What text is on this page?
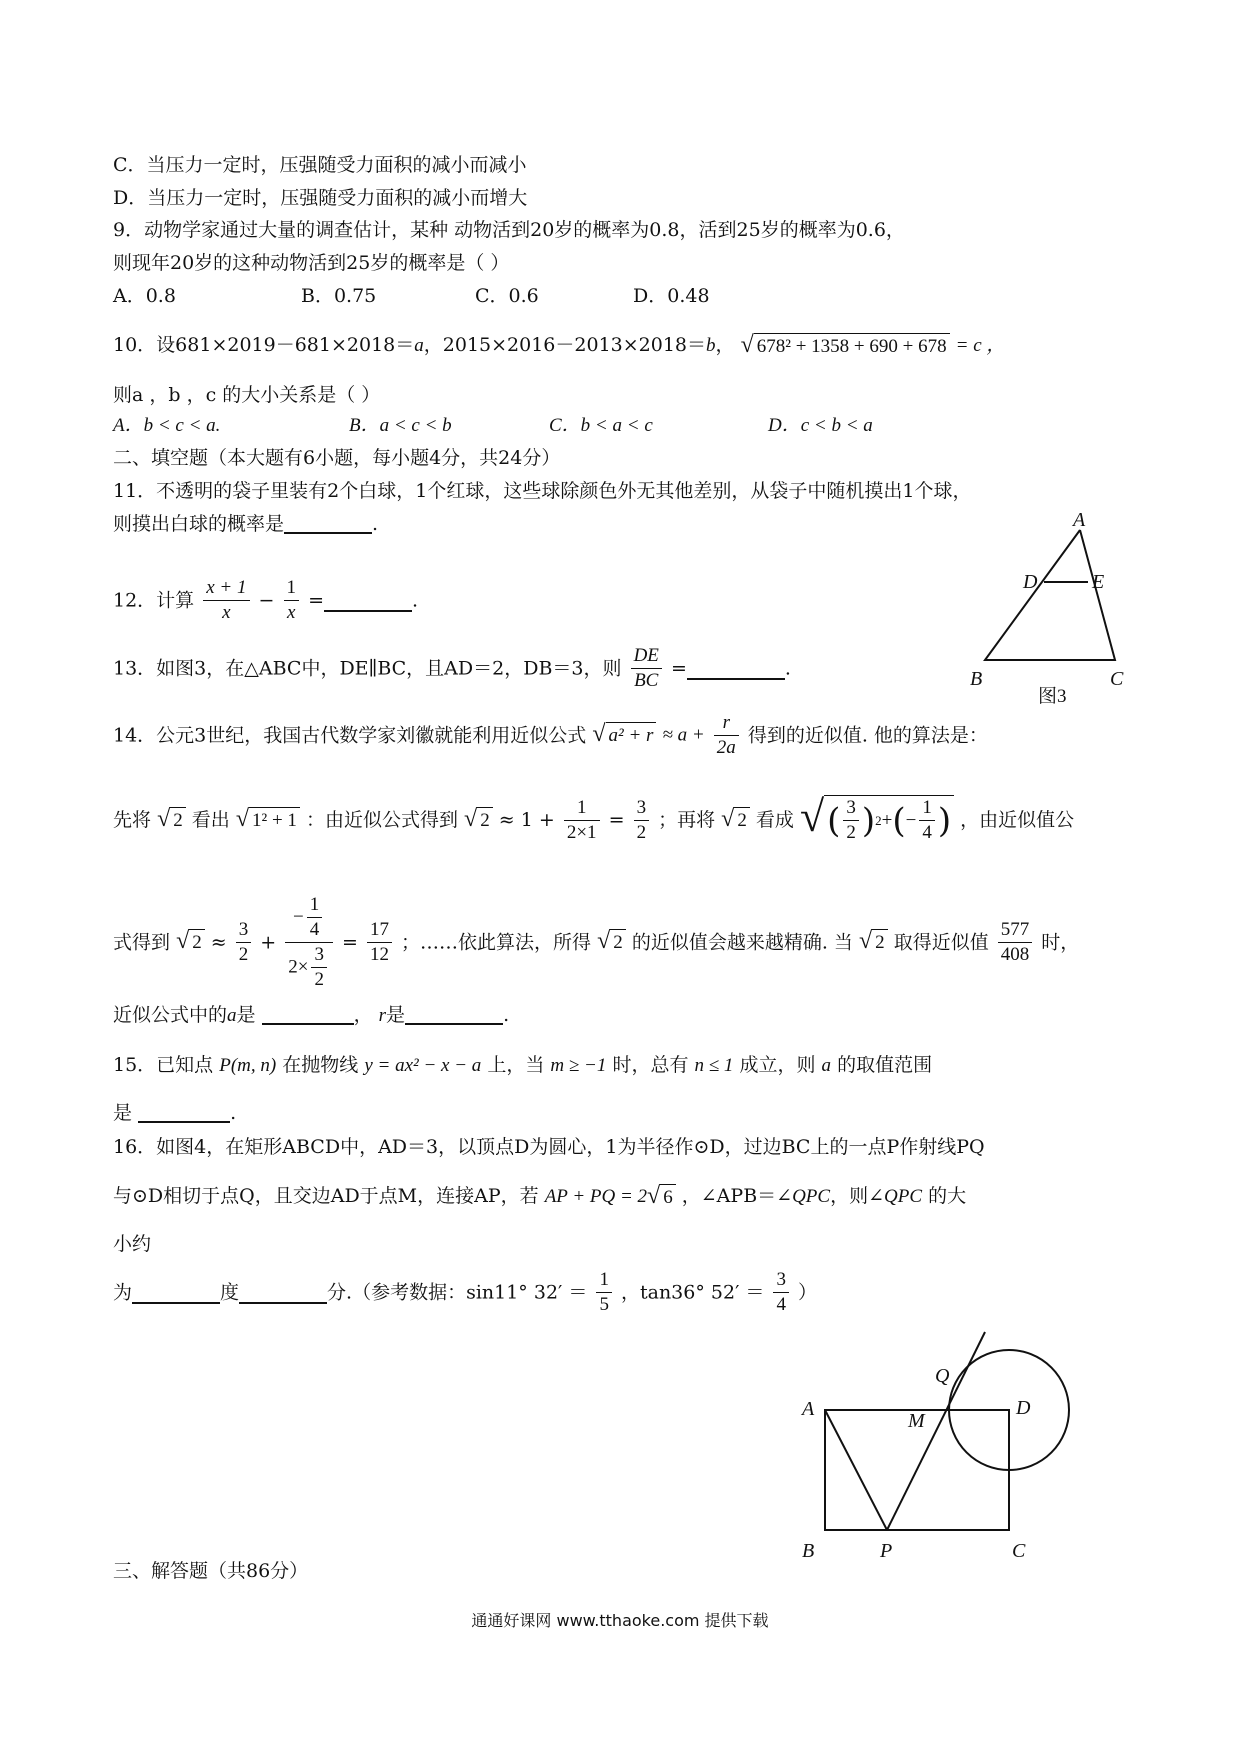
C．当压力一定时，压强随受力面积的减小而减小
D．当压力一定时，压强随受力面积的减小而增大
9．动物学家通过大量的调查估计，某种 动物活到20岁的概率为0.8，活到25岁的概率为0.6，
则现年20岁的这种动物活到25岁的概率是（ ）
A．0.8	B．0.75	C．0.6	D．0.48
10．设681×2019－681×2018＝a，2015×2016－2013×2018＝b， √ 678² + 1358 + 690 + 678 = c ，
则a ，b ，c 的大小关系是（ ）
A．b < c < a.	B．a < c < b	C．b < a < c	D．c < b < a
二、填空题（本大题有6小题，每小题4分，共24分）
11．不透明的袋子里装有2个白球，1个红球，这些球除颜色外无其他差别，从袋子中随机摸出1个球，
则摸出白球的概率是	.
12．计算 $\frac{x + 1}{x} - \frac{1}{x}$ =	.
13．如图3，在△ABC中，DE∥BC，且AD＝2，DB＝3，则 $\frac{DE}{BC}$ =	.
14．公元3世纪，我国古代数学家刘徽就能利用近似公式 √ $a^2 + r \approx a + \frac{r}{2a}$ 得到的近似值. 他的算法是：
先将 √ 2 看出 √ 1² + 1 ：由近似公式得到 √ $2 \approx 1 + \frac{1}{2\times 1} = \frac{3}{2}$ ；再将 √ 2 看成 √ ( $\frac{3}{2}$ ) 2 + ( − $\frac{1}{4}$ ) ，由近似值公
式得到 √ $2 \approx \frac{3}{2} + \frac{- \frac{1}{4}}{2\times \frac{3}{2}} = \frac{17}{12}$ ；……依此算法，所得 √ 2 的近似值会越来越精确. 当 √ 2 取得近似值 $\frac{577}{408}$ 时，
近似公式中的a是	， r是	.
15．已知点 P(m, n) 在抛物线 y = ax² − x − a 上，当 m ≥ −1 时，总有 n ≤ 1 成立，则 a 的取值范围
是	.
16．如图4，在矩形ABCD中，AD＝3，以顶点D为圆心，1为半径作⊙D，过边BC上的一点P作射线PQ
与⊙D相切于点Q，且交边AD于点M，连接AP，若 AP + PQ = 2 √ 6 ，∠APB＝∠QPC，则∠QPC 的大
小约
为	度	分.（参考数据：sin11° $32' = \frac{1}{5}$ ，tan36° $52' = \frac{3}{4}$ ）
三、解答题（共86分）
A
D	E
B	C
图3
A
M
Q
D
B	P	C
通通好课网 www.tthaoke.com 提供下载
